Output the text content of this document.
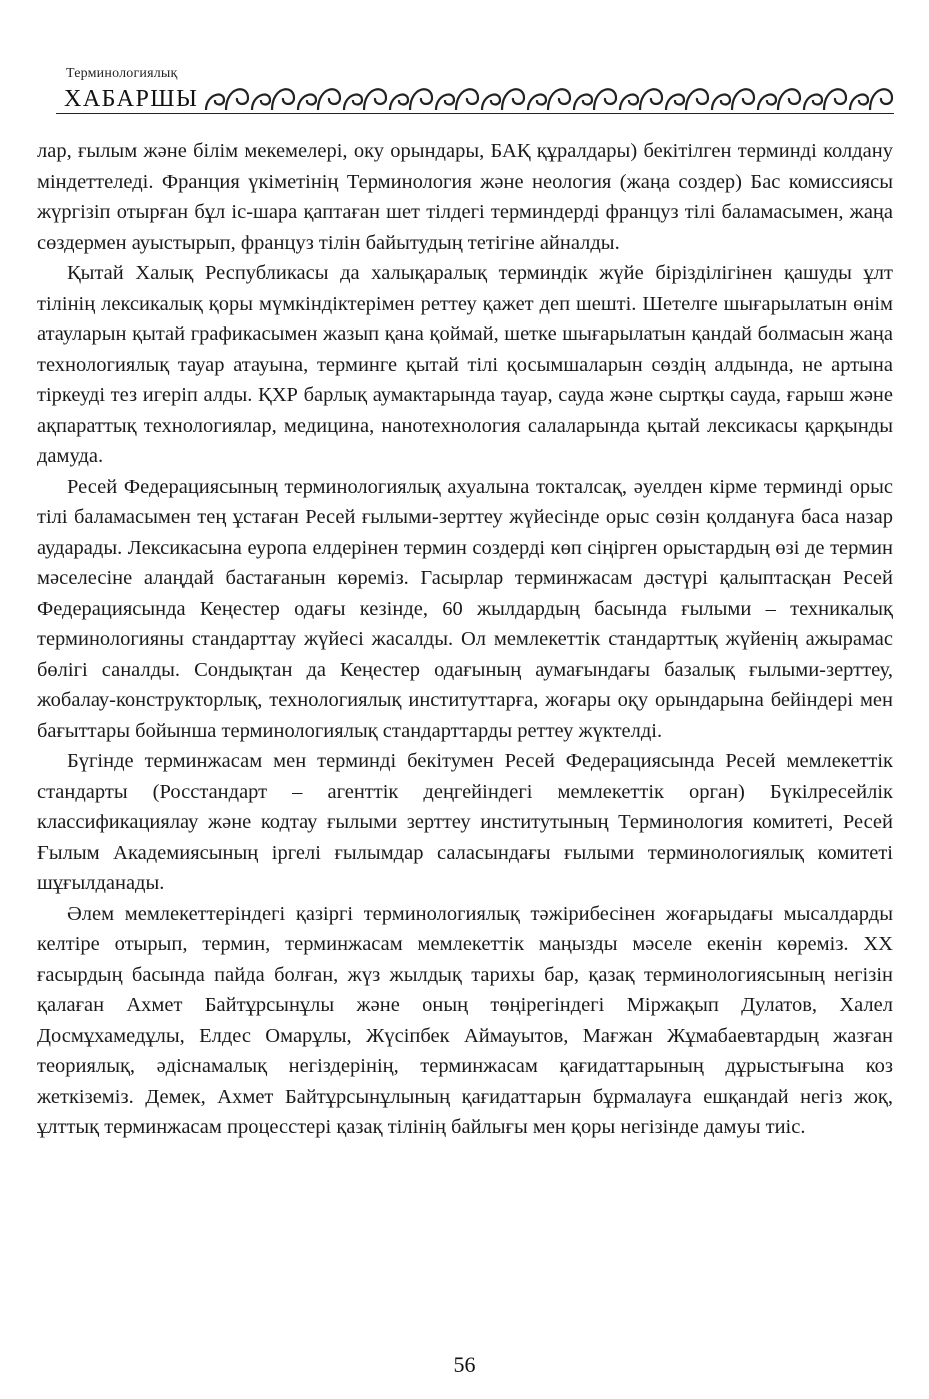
Терминологиялық
ХАБАРШЫ

лар, ғылым және білім мекемелері, оку орындары, БАҚ құралдары) бекітілген терминді колдану міндеттеледі. Франция үкіметінің Терминология және неология (жаңа создер) Бас комиссиясы жүргізіп отырған бұл іс-шара қаптаған шет тілдегі терминдерді француз тілі баламасымен, жаңа сөздермен ауыстырып, француз тілін байытудың тетігіне айналды.

Қытай Халық Республикасы да халықаралық терминдік жүйе біріздiлігінен қашуды ұлт тілінің лексикалық қоры мүмкіндіктерімен реттеу қажет деп шешті. Шетелге шығарылатын өнім атауларын қытай графикасымен жазып қана қоймай, шетке шығарылатын қандай болмасын жаңа технологиялық тауар атауына, терминге қытай тілі қосымшаларын сөздің алдында, не артына тіркеуді тез игеріп алды. ҚХР барлық аумактарында тауар, сауда және сыртқы сауда, ғарыш және ақпараттық технологиялар, медицина, нанотехнология салаларында қытай лексикасы қарқынды дамуда.

Ресей Федерациясының терминологиялық ахуалына токталсақ, әуелден кірме терминді орыс тілі баламасымен тең ұстаған Ресей ғылыми-зерттеу жүйесінде орыс сөзін қолдануға баса назар аударады. Лексикасына еуропа елдерінен термин создерді көп сіңірген орыстардың өзі де термин мәселесіне алаңдай бастағанын көреміз. Гасырлар терминжасам дәстүрі қалыптасқан Ресей Федерациясында Кеңестер одағы кезінде, 60 жылдардың басында ғылыми – техникалық терминологияны стандарттау жүйесі жасалды. Ол мемлекеттік стандарттық жүйенің ажырамас бөлігі саналды. Сондықтан да Кеңестер одағының аумағындағы базалық ғылыми-зерттеу, жобалау-конструкторлық, технологиялық институттарға, жоғары оқу орындарына бейіндері мен бағыттары бойынша терминологиялық стандарттарды реттеу жүктелді.

Бүгінде терминжасам мен терминді бекітумен Ресей Федерациясында Ресей мемлекеттік стандарты (Росстандарт – агенттік деңгейіндегі мемлекеттік орган) Бүкілресейлік классификациялау және кодтау ғылыми зерттеу институтының Терминология комитеті, Ресей Ғылым Академиясының іргелі ғылымдар саласындағы ғылыми терминологиялық комитеті шұғылданады.

Әлем мемлекеттеріндегі қазіргі терминологиялық тәжірибесінен жоғарыдағы мысалдарды келтіре отырып, термин, терминжасам мемлекеттік маңызды мәселе екенін көреміз. XX ғасырдың басында пайда болған, жүз жылдық тарихы бар, қазақ терминологиясының негізін қалаған Ахмет Байтұрсынұлы және оның төңірегіндегі Міржақып Дулатов, Халел Досмұхамедұлы, Елдес Омарұлы, Жүсіпбек Аймауытов, Мағжан Жұмабаевтардың жазған теориялық, әдіснамалық негіздерінің, терминжасам қағидаттарының дұрыстығына коз жеткіземіз. Демек, Ахмет Байтұрсынұлының қағидаттарын бұрмалауға ешқандай негіз жоқ, ұлттық терминжасам процесстері қазақ тілінің байлығы мен қоры негізінде дамуы тиіс.

56
